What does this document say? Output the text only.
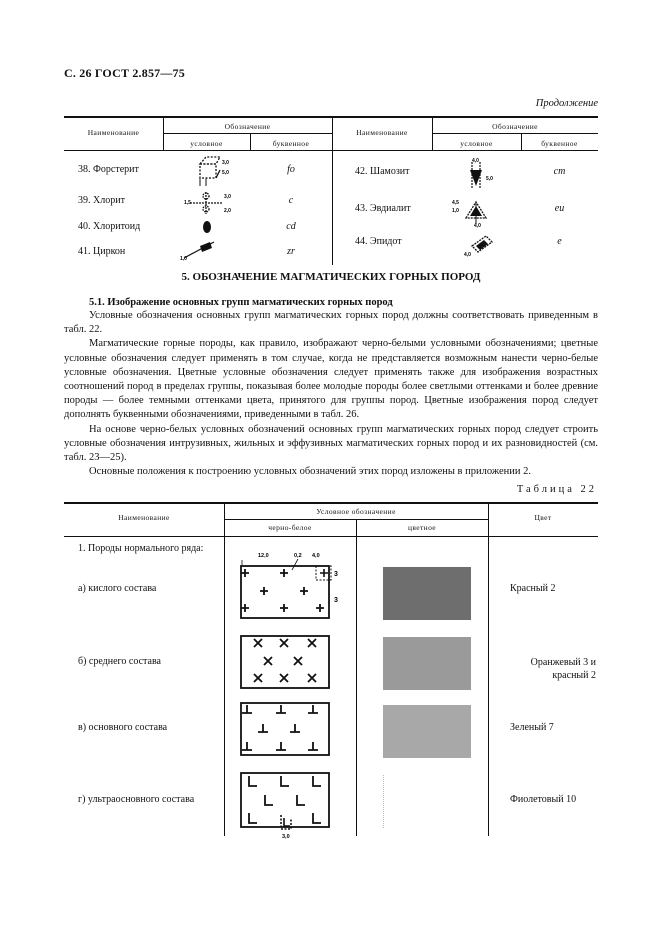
С. 26 ГОСТ 2.857—75
Продолжение
Наименование
Обозначение
условное	буквенное
Наименование
Обозначение
условное	буквенное
38. Форстерит	fo
39. Хлорит	c
40. Хлоритоид	cd
41. Циркон	zr
42. Шамозит	cm
43. Эвдиалит	eu
44. Эпидот	e
3,0
5,0
1,5
3,0
2,0
1,0
4,0
5,0
4,5
1,0
4,0
4,0
5. ОБОЗНАЧЕНИЕ МАГМАТИЧЕСКИХ ГОРНЫХ ПОРОД
5.1. Изображение основных групп магматических горных пород

Условные обозначения основных групп магматических горных пород должны соответствовать приведенным в табл. 22.

Магматические горные породы, как правило, изображают черно-белыми условными обозначениями; цветные условные обозначения следует применять в том случае, когда не представляется возможным нанести черно-белые условные обозначения. Цветные условные обозначения следует применять также для изображения возрастных соотношений пород в пределах группы, показывая более молодые породы более светлыми оттенками и более древние породы — более темными оттенками цвета, принятого для группы пород. Цветные изображения пород следует дополнять буквенными обозначениями, приведенными в табл. 26.

На основе черно-белых условных обозначений основных групп магматических горных пород следует строить условные обозначения интрузивных, жильных и эффузивных магматических горных пород и их разновидностей (см. табл. 23—25).

Основные положения к построению условных обозначений этих пород изложены в приложении 2.

Таблица 22
Наименование
Условное обозначение
черно-белое	цветное
Цвет
1. Породы нормального ряда:
а) кислого состава	Красный 2
12,0	0,2 4,0
3
3
б) среднего состава	Оранжевый 3 и красный 2
в) основного состава	Зеленый 7
г) ультраосновного состава	Фиолетовый 10
3,0
